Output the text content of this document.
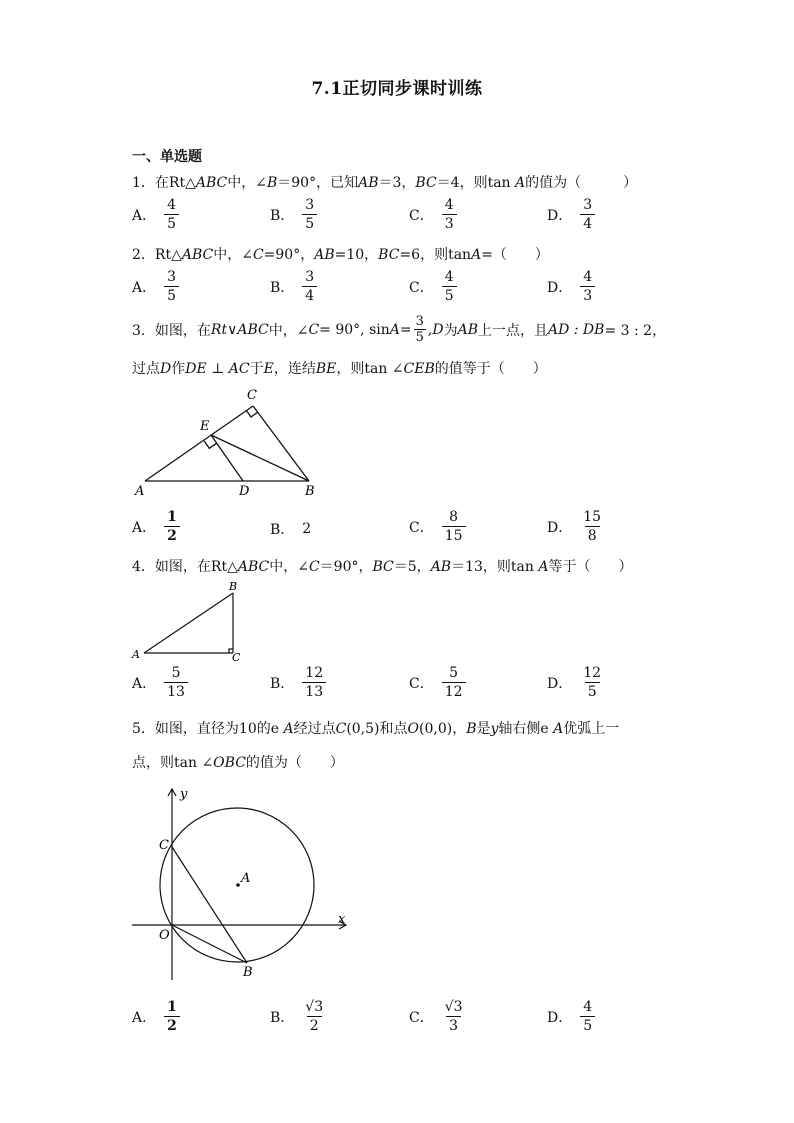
7.1正切同步课时训练
一、单选题
1．在Rt△ABC中，∠B＝90°，已知AB＝3，BC＝4，则tan A的值为（　　　）
A． $\frac{4}{5}$	B． $\frac{3}{5}$	C． $\frac{4}{3}$	D． $\frac{3}{4}$
2．Rt△ABC中，∠C=90°，AB=10，BC=6，则tanA=（　　）
A． $\frac{3}{5}$	B． $\frac{3}{4}$	C． $\frac{4}{5}$	D． $\frac{4}{3}$
3．如图，在 Rt∨ABC 中，∠ C = 90°, $\sin A = \frac{3}{5}$ , D 为 AB 上一点，且 AD : DB = 3 : 2，
过点D作DE ⊥ AC于E，连结BE，则tan ∠CEB的值等于（　　）
A	D	B
C
E
A． $\frac{1}{2}$	B． 2	C． $\frac{8}{15}$	D． $\frac{15}{8}$
4．如图，在Rt△ABC中，∠C＝90°，BC＝5，AB＝13，则tan A等于（　　）
A
B
C
A． $\frac{5}{13}$	B． $\frac{12}{13}$	C． $\frac{5}{12}$	D． $\frac{12}{5}$
5．如图，直径为10的e A经过点C(0,5)和点O(0,0)，B是y轴右侧e A优弧上一
点，则tan ∠OBC的值为（　　）
y
x
C
A
O
B
A． $\frac{1}{2}$	B． $\frac{√3}{2}$	C． $\frac{√3}{3}$	D． $\frac{4}{5}$
